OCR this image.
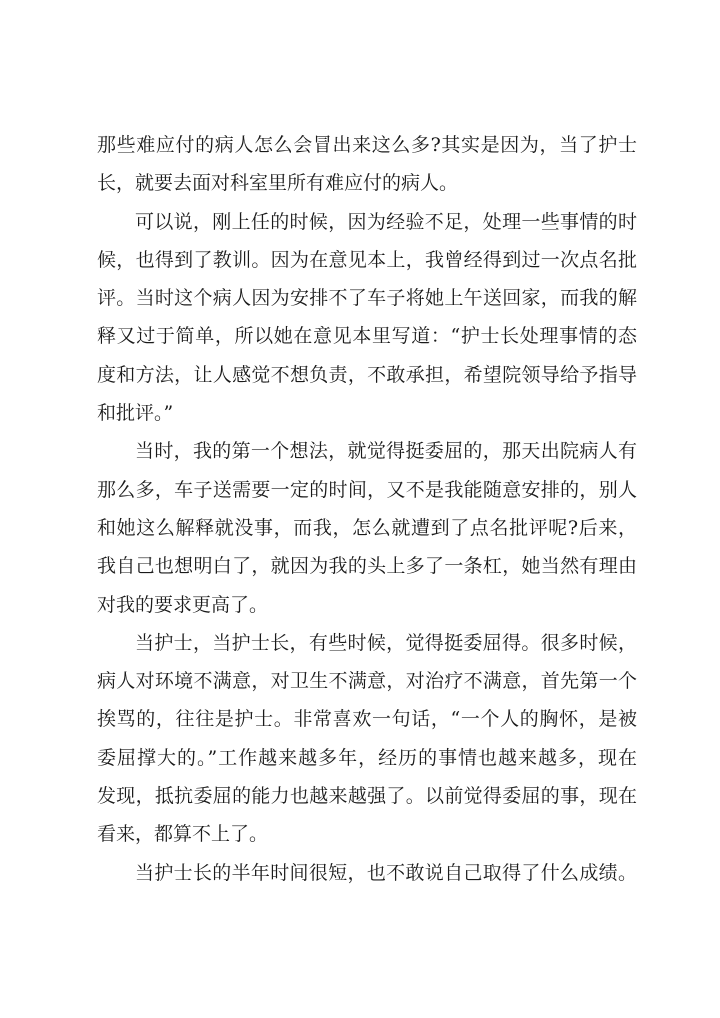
那些难应付的病人怎么会冒出来这么多?其实是因为，当了护士
长，就要去面对科室里所有难应付的病人。
可以说，刚上任的时候，因为经验不足，处理一些事情的时
候，也得到了教训。因为在意见本上，我曾经得到过一次点名批
评。当时这个病人因为安排不了车子将她上午送回家，而我的解
释又过于简单，所以她在意见本里写道：“护士长处理事情的态
度和方法，让人感觉不想负责，不敢承担，希望院领导给予指导
和批评。”
当时，我的第一个想法，就觉得挺委屈的，那天出院病人有
那么多，车子送需要一定的时间，又不是我能随意安排的，别人
和她这么解释就没事，而我，怎么就遭到了点名批评呢?后来，
我自己也想明白了，就因为我的头上多了一条杠，她当然有理由
对我的要求更高了。
当护士，当护士长，有些时候，觉得挺委屈得。很多时候，
病人对环境不满意，对卫生不满意，对治疗不满意，首先第一个
挨骂的，往往是护士。非常喜欢一句话，“一个人的胸怀，是被
委屈撑大的。”工作越来越多年，经历的事情也越来越多，现在
发现，抵抗委屈的能力也越来越强了。以前觉得委屈的事，现在
看来，都算不上了。
当护士长的半年时间很短，也不敢说自己取得了什么成绩。
